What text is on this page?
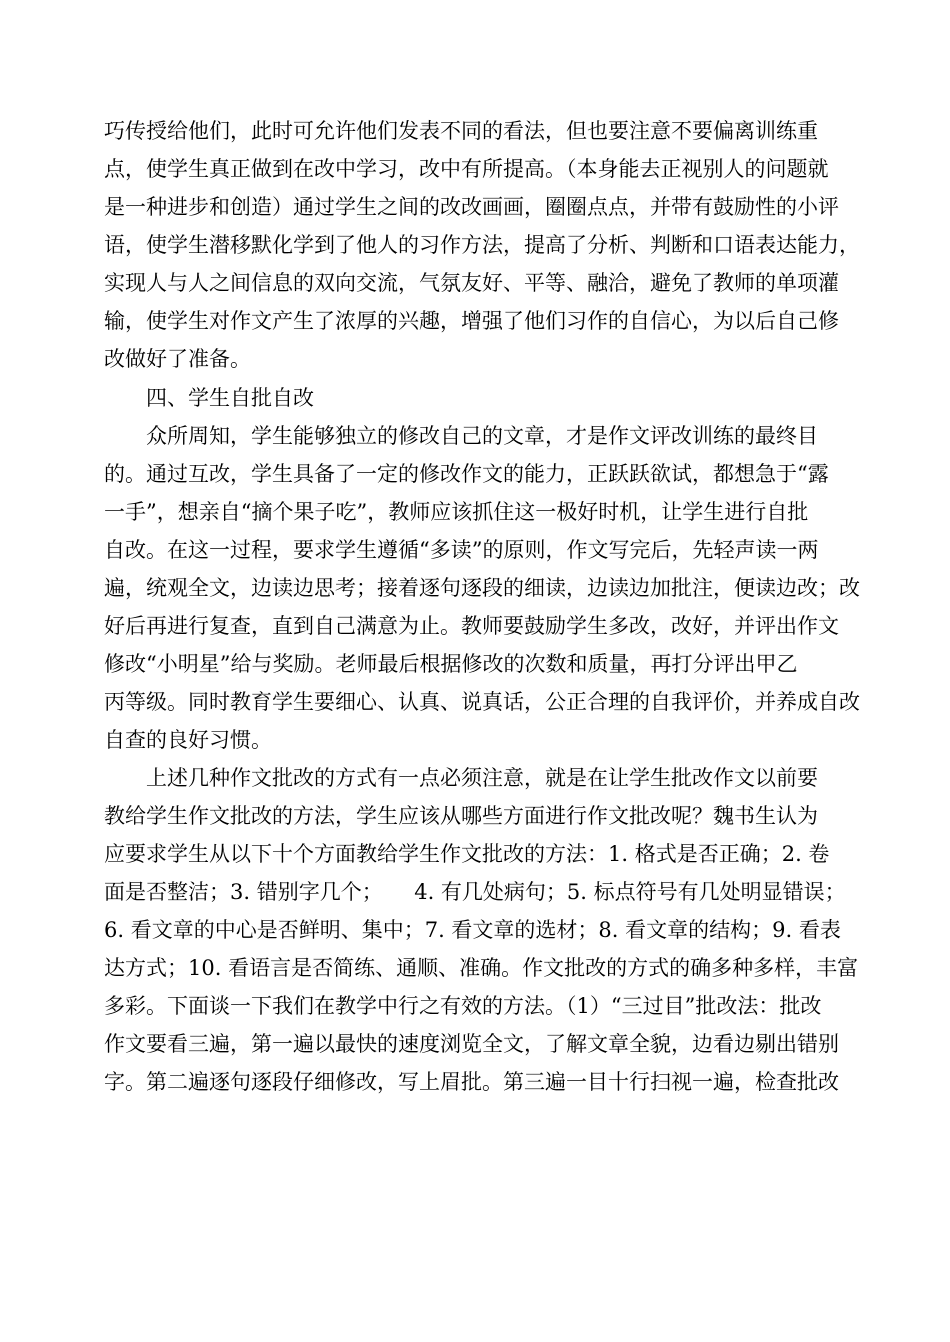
巧传授给他们，此时可允许他们发表不同的看法，但也要注意不要偏离训练重
点，使学生真正做到在改中学习，改中有所提高。（本身能去正视别人的问题就
是一种进步和创造）通过学生之间的改改画画，圈圈点点，并带有鼓励性的小评
语，使学生潜移默化学到了他人的习作方法，提高了分析、判断和口语表达能力，
实现人与人之间信息的双向交流，气氛友好、平等、融洽，避免了教师的单项灌
输，使学生对作文产生了浓厚的兴趣，增强了他们习作的自信心，为以后自己修
改做好了准备。
　　四、学生自批自改
　　众所周知，学生能够独立的修改自己的文章，才是作文评改训练的最终目
的。通过互改，学生具备了一定的修改作文的能力，正跃跃欲试，都想急于“露
一手”，想亲自“摘个果子吃”，教师应该抓住这一极好时机，让学生进行自批
自改。在这一过程，要求学生遵循“多读”的原则，作文写完后，先轻声读一两
遍，统观全文，边读边思考；接着逐句逐段的细读，边读边加批注，便读边改；改
好后再进行复查，直到自己满意为止。教师要鼓励学生多改，改好，并评出作文
修改“小明星”给与奖励。老师最后根据修改的次数和质量，再打分评出甲乙
丙等级。同时教育学生要细心、认真、说真话，公正合理的自我评价，并养成自改
自查的良好习惯。
　　上述几种作文批改的方式有一点必须注意，就是在让学生批改作文以前要
教给学生作文批改的方法，学生应该从哪些方面进行作文批改呢？魏书生认为
应要求学生从以下十个方面教给学生作文批改的方法：1. 格式是否正确；2. 卷
面是否整洁；3. 错别字几个；　　4. 有几处病句；5. 标点符号有几处明显错误；
6. 看文章的中心是否鲜明、集中；7. 看文章的选材；8. 看文章的结构；9. 看表
达方式；10. 看语言是否简练、通顺、准确。作文批改的方式的确多种多样，丰富
多彩。下面谈一下我们在教学中行之有效的方法。（1）“三过目”批改法：批改
作文要看三遍，第一遍以最快的速度浏览全文，了解文章全貌，边看边剔出错别
字。第二遍逐句逐段仔细修改，写上眉批。第三遍一目十行扫视一遍，检查批改
